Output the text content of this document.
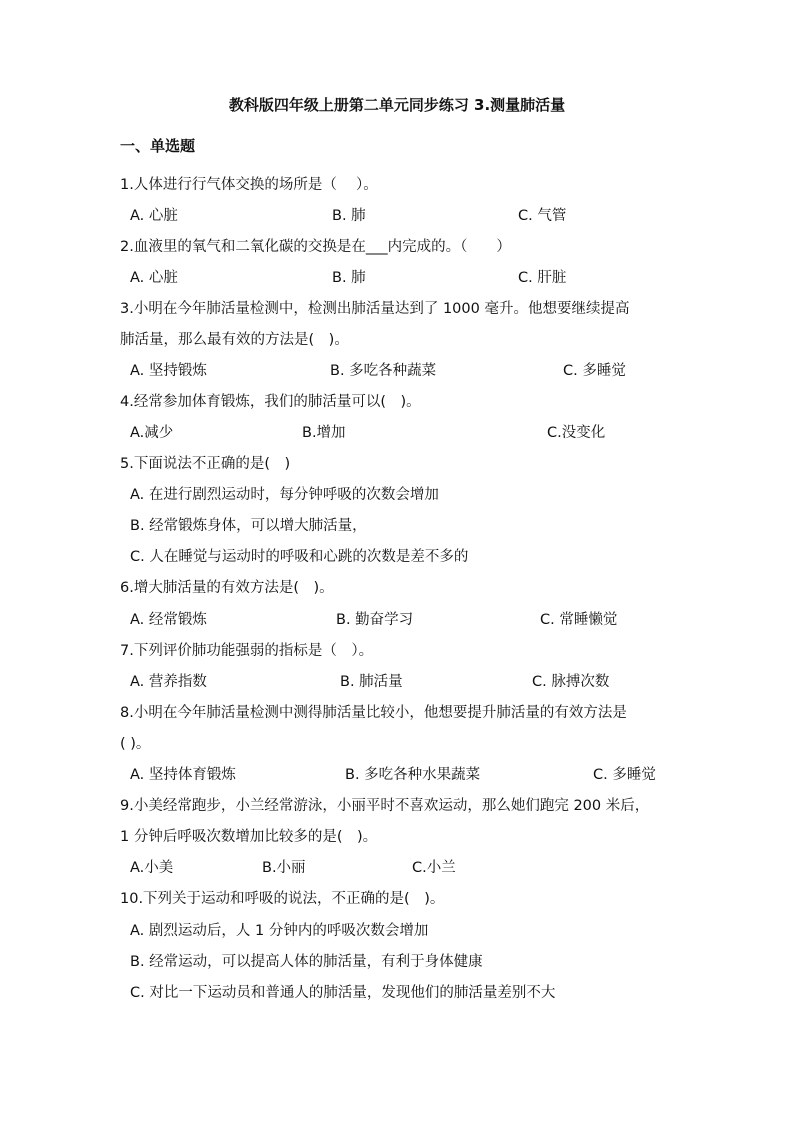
教科版四年级上册第二单元同步练习 3.测量肺活量
一、单选题
1.人体进行行气体交换的场所是（　 ）。
A. 心脏	B. 肺	C. 气管
2.血液里的氧气和二氧化碳的交换是在___内完成的。（　　）
A. 心脏	B. 肺	C. 肝脏
3.小明在今年肺活量检测中，检测出肺活量达到了 1000 毫升。他想要继续提高
肺活量，那么最有效的方法是(　)。
A. 坚持锻炼	B. 多吃各种蔬菜	C. 多睡觉
4.经常参加体育锻炼，我们的肺活量可以(　)。
A.减少	B.增加	C.没变化
5.下面说法不正确的是(　)
A. 在进行剧烈运动时，每分钟呼吸的次数会增加
B. 经常锻炼身体，可以增大肺活量，
C. 人在睡觉与运动时的呼吸和心跳的次数是差不多的
6.增大肺活量的有效方法是(　)。
A. 经常锻炼	B. 勤奋学习	C. 常睡懒觉
7.下列评价肺功能强弱的指标是（　）。
A. 营养指数	B. 肺活量	C. 脉搏次数
8.小明在今年肺活量检测中测得肺活量比较小，他想要提升肺活量的有效方法是
( )。
A. 坚持体育锻炼	B. 多吃各种水果蔬菜	C. 多睡觉
9.小美经常跑步，小兰经常游泳，小丽平时不喜欢运动，那么她们跑完 200 米后，
1 分钟后呼吸次数增加比较多的是(　)。
A.小美	B.小丽	C.小兰
10.下列关于运动和呼吸的说法，不正确的是(　)。
A. 剧烈运动后，人 1 分钟内的呼吸次数会增加
B. 经常运动，可以提高人体的肺活量，有利于身体健康
C. 对比一下运动员和普通人的肺活量，发现他们的肺活量差别不大
